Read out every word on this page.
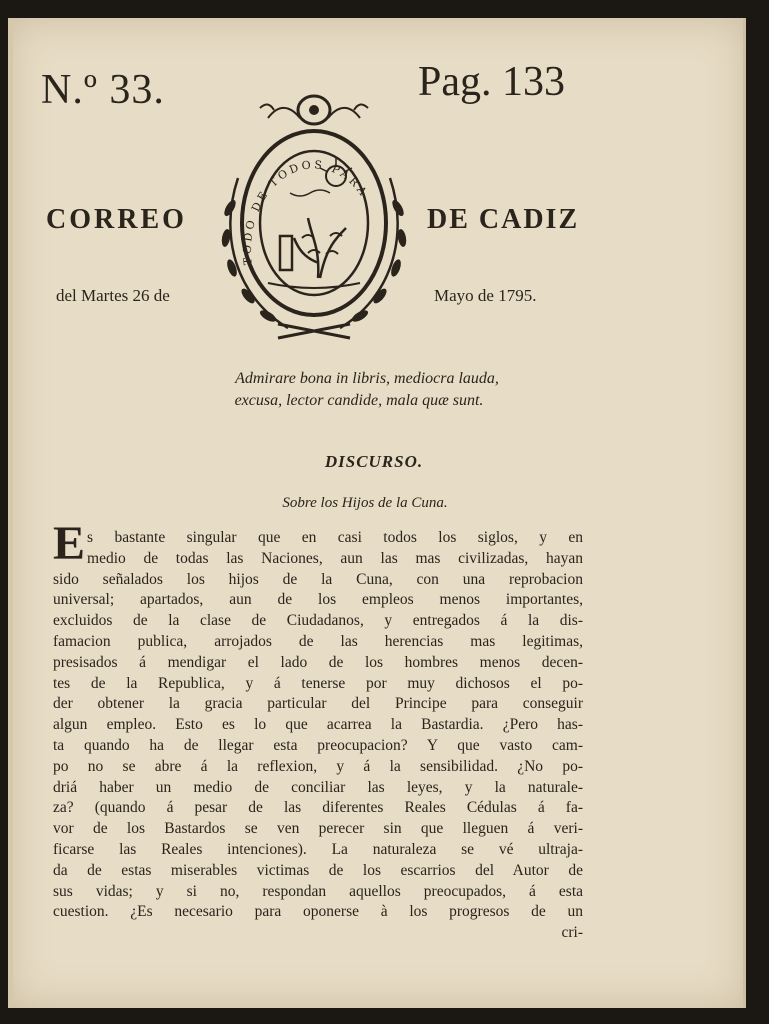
N.º 33.	Pag. 133
TODO DE TODOS PARA
CORREO	DE CADIZ
del Martes 26 de	Mayo de 1795.
Admirare bona in libris, mediocra lauda,
excusa, lector candide, mala quæ sunt.
DISCURSO.
Sobre los Hijos de la Cuna.
E s bastante singular que en casi todos los siglos, y en
medio de todas las Naciones, aun las mas civilizadas, hayan
sido señalados los hijos de la Cuna, con una reprobacion
universal; apartados, aun de los empleos menos importantes,
excluidos de la clase de Ciudadanos, y entregados á la dis-
famacion publica, arrojados de las herencias mas legitimas,
presisados á mendigar el lado de los hombres menos decen-
tes de la Republica, y á tenerse por muy dichosos el po-
der obtener la gracia particular del Principe para conseguir
algun empleo. Esto es lo que acarrea la Bastardia. ¿Pero has-
ta quando ha de llegar esta preocupacion? Y que vasto cam-
po no se abre á la reflexion, y á la sensibilidad. ¿No po-
driá haber un medio de conciliar las leyes, y la naturale-
za? (quando á pesar de las diferentes Reales Cédulas á fa-
vor de los Bastardos se ven perecer sin que lleguen á veri-
ficarse las Reales intenciones). La naturaleza se vé ultraja-
da de estas miserables victimas de los escarrios del Autor de
sus vidas; y si no, respondan aquellos preocupados, á esta
cuestion. ¿Es necesario para oponerse à los progresos de un
cri-
